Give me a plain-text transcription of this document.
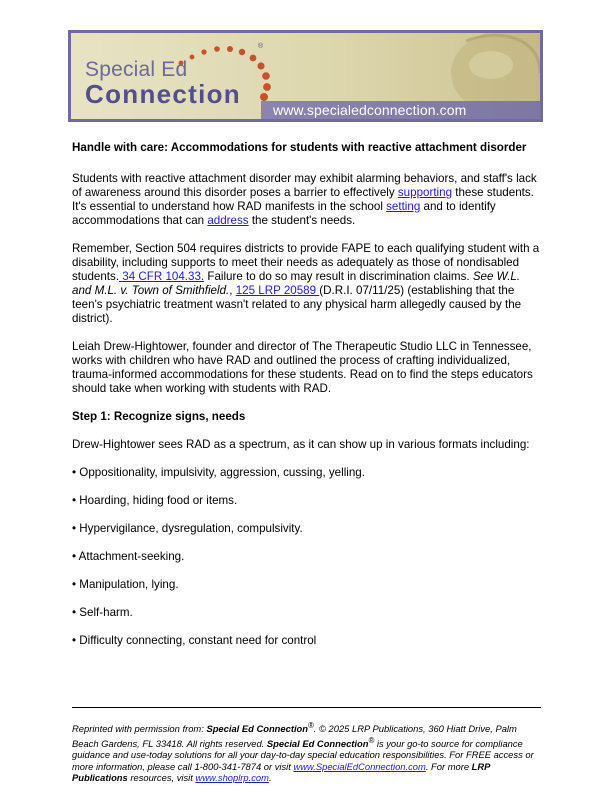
®
Special Ed
Connection
www.specialedconnection.com

Handle with care: Accommodations for students with reactive attachment disorder

Students with reactive attachment disorder may exhibit alarming behaviors, and staff's lack of awareness around this disorder poses a barrier to effectively supporting these students. It's essential to understand how RAD manifests in the school setting and to identify accommodations that can address the student's needs.

Remember, Section 504 requires districts to provide FAPE to each qualifying student with a disability, including supports to meet their needs as adequately as those of nondisabled students. 34 CFR 104.33. Failure to do so may result in discrimination claims. See W.L. and M.L. v. Town of Smithfield., 125 LRP 20589 (D.R.I. 07/11/25) (establishing that the teen's psychiatric treatment wasn't related to any physical harm allegedly caused by the district).

Leiah Drew-Hightower, founder and director of The Therapeutic Studio LLC in Tennessee, works with children who have RAD and outlined the process of crafting individualized, trauma-informed accommodations for these students. Read on to find the steps educators should take when working with students with RAD.

Step 1: Recognize signs, needs

Drew-Hightower sees RAD as a spectrum, as it can show up in various formats including:

• Oppositionality, impulsivity, aggression, cussing, yelling.

• Hoarding, hiding food or items.

• Hypervigilance, dysregulation, compulsivity.

• Attachment-seeking.

• Manipulation, lying.

• Self-harm.

• Difficulty connecting, constant need for control

Reprinted with permission from: Special Ed Connection®. © 2025 LRP Publications, 360 Hiatt Drive, Palm Beach Gardens, FL 33418. All rights reserved. Special Ed Connection® is your go-to source for compliance guidance and use-today solutions for all your day-to-day special education responsibilities. For FREE access or more information, please call 1-800-341-7874 or visit www.SpecialEdConnection.com. For more LRP Publications resources, visit www.shoplrp.com.
